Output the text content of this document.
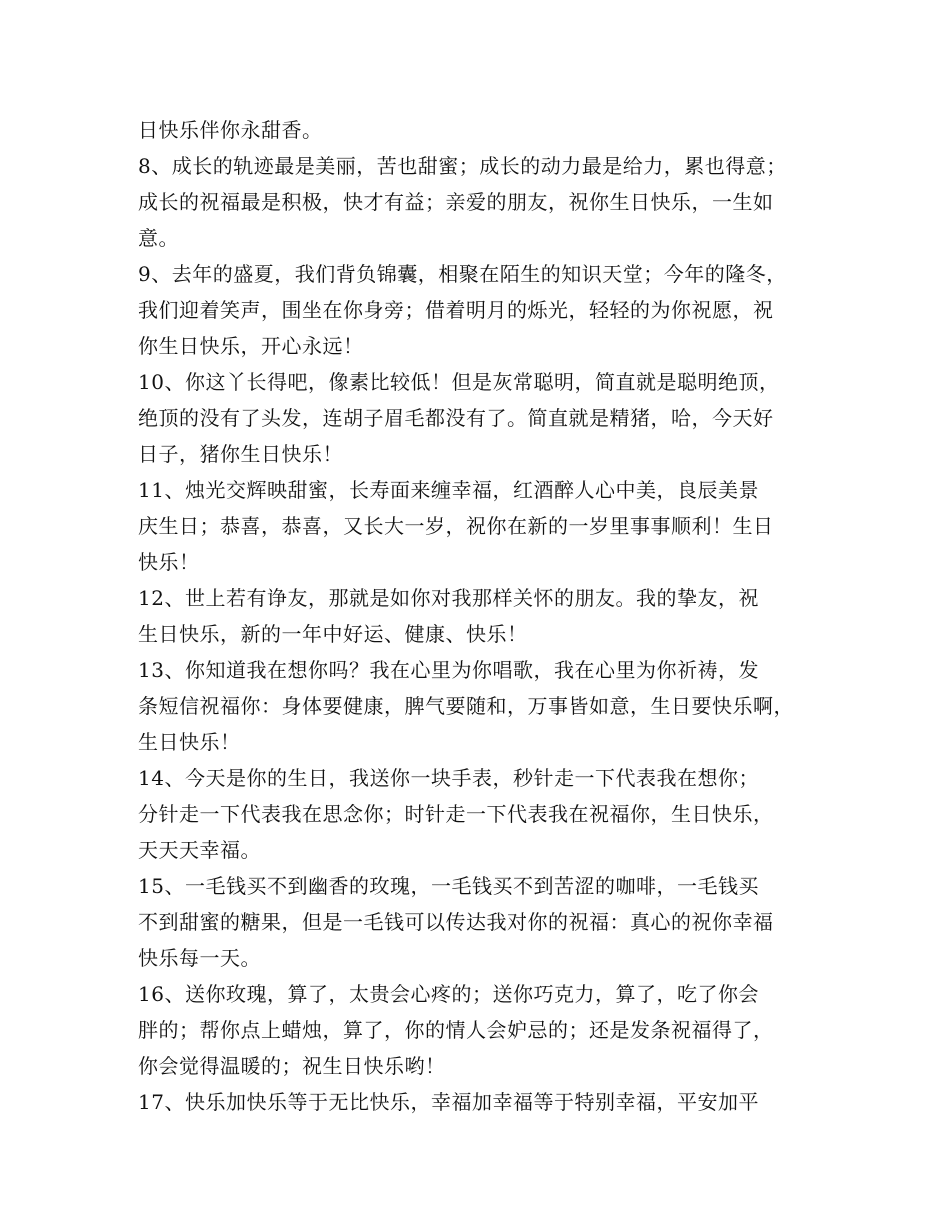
日快乐伴你永甜香。
8、成长的轨迹最是美丽，苦也甜蜜；成长的动力最是给力，累也得意；
成长的祝福最是积极，快才有益；亲爱的朋友，祝你生日快乐，一生如
意。
9、去年的盛夏，我们背负锦囊，相聚在陌生的知识天堂；今年的隆冬，
我们迎着笑声，围坐在你身旁；借着明月的烁光，轻轻的为你祝愿，祝
你生日快乐，开心永远！
10、你这丫长得吧，像素比较低！但是灰常聪明，简直就是聪明绝顶，
绝顶的没有了头发，连胡子眉毛都没有了。简直就是精猪，哈，今天好
日子，猪你生日快乐！
11、烛光交辉映甜蜜，长寿面来缠幸福，红酒醉人心中美，良辰美景
庆生日；恭喜，恭喜，又长大一岁，祝你在新的一岁里事事顺利！生日
快乐！
12、世上若有诤友，那就是如你对我那样关怀的朋友。我的挚友，祝
生日快乐，新的一年中好运、健康、快乐！
13、你知道我在想你吗？我在心里为你唱歌，我在心里为你祈祷，发
条短信祝福你：身体要健康，脾气要随和，万事皆如意，生日要快乐啊，
生日快乐！
14、今天是你的生日，我送你一块手表，秒针走一下代表我在想你；
分针走一下代表我在思念你；时针走一下代表我在祝福你，生日快乐，
天天天幸福。
15、一毛钱买不到幽香的玫瑰，一毛钱买不到苦涩的咖啡，一毛钱买
不到甜蜜的糖果，但是一毛钱可以传达我对你的祝福：真心的祝你幸福
快乐每一天。
16、送你玫瑰，算了，太贵会心疼的；送你巧克力，算了，吃了你会
胖的；帮你点上蜡烛，算了，你的情人会妒忌的；还是发条祝福得了，
你会觉得温暖的；祝生日快乐哟！
17、快乐加快乐等于无比快乐，幸福加幸福等于特别幸福，平安加平
